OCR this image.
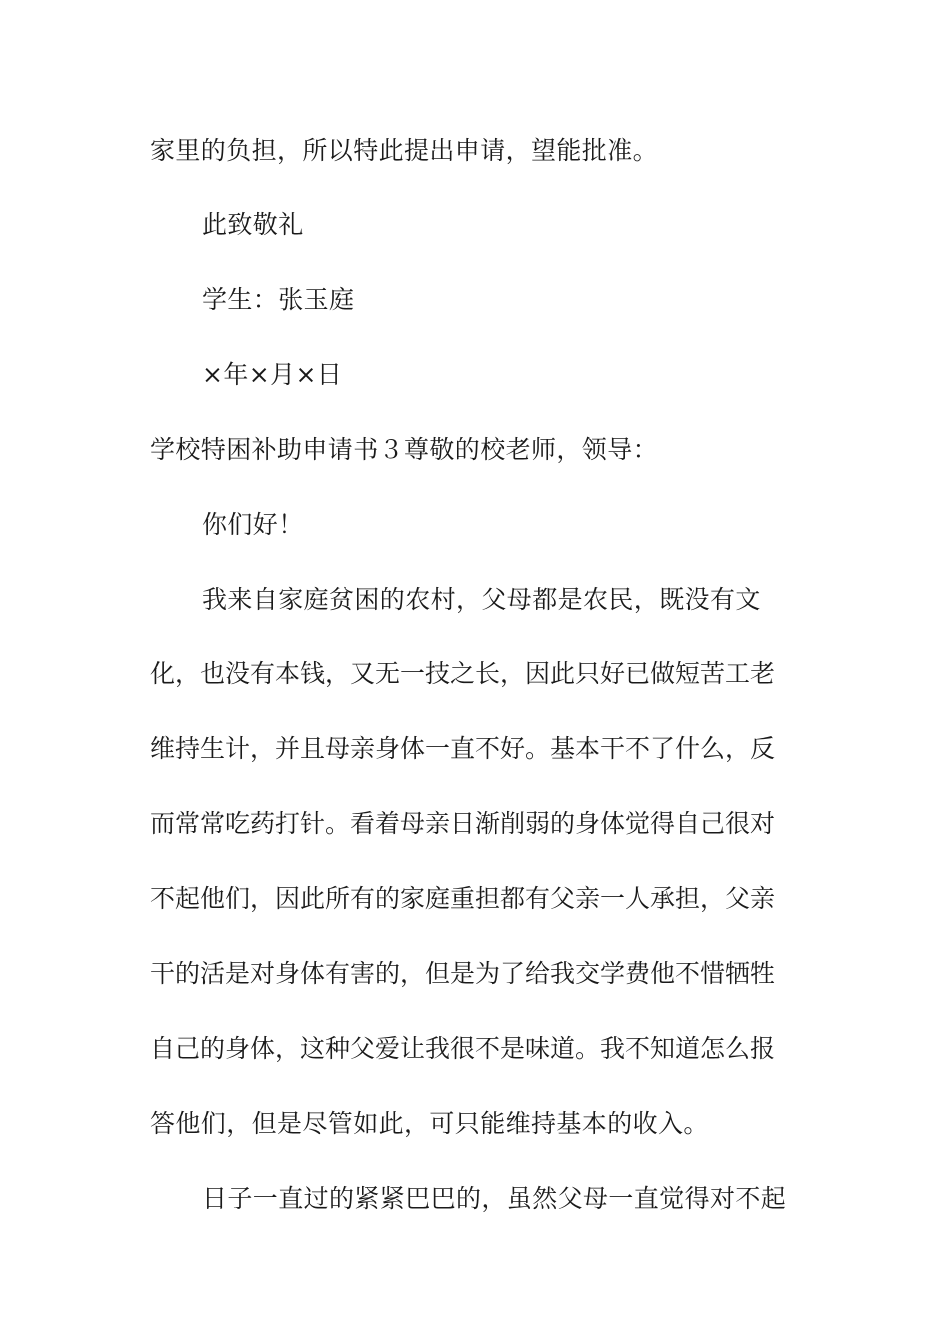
家里的负担，所以特此提出申请，望能批准。
此致敬礼
学生：张玉庭
×年×月×日
学校特困补助申请书３尊敬的校老师，领导：
你们好！
我来自家庭贫困的农村，父母都是农民，既没有文
化，也没有本钱，又无一技之长，因此只好已做短苦工老
维持生计，并且母亲身体一直不好。基本干不了什么，反
而常常吃药打针。看着母亲日渐削弱的身体觉得自己很对
不起他们，因此所有的家庭重担都有父亲一人承担，父亲
干的活是对身体有害的，但是为了给我交学费他不惜牺牲
自己的身体，这种父爱让我很不是味道。我不知道怎么报
答他们，但是尽管如此，可只能维持基本的收入。
日子一直过的紧紧巴巴的，虽然父母一直觉得对不起
